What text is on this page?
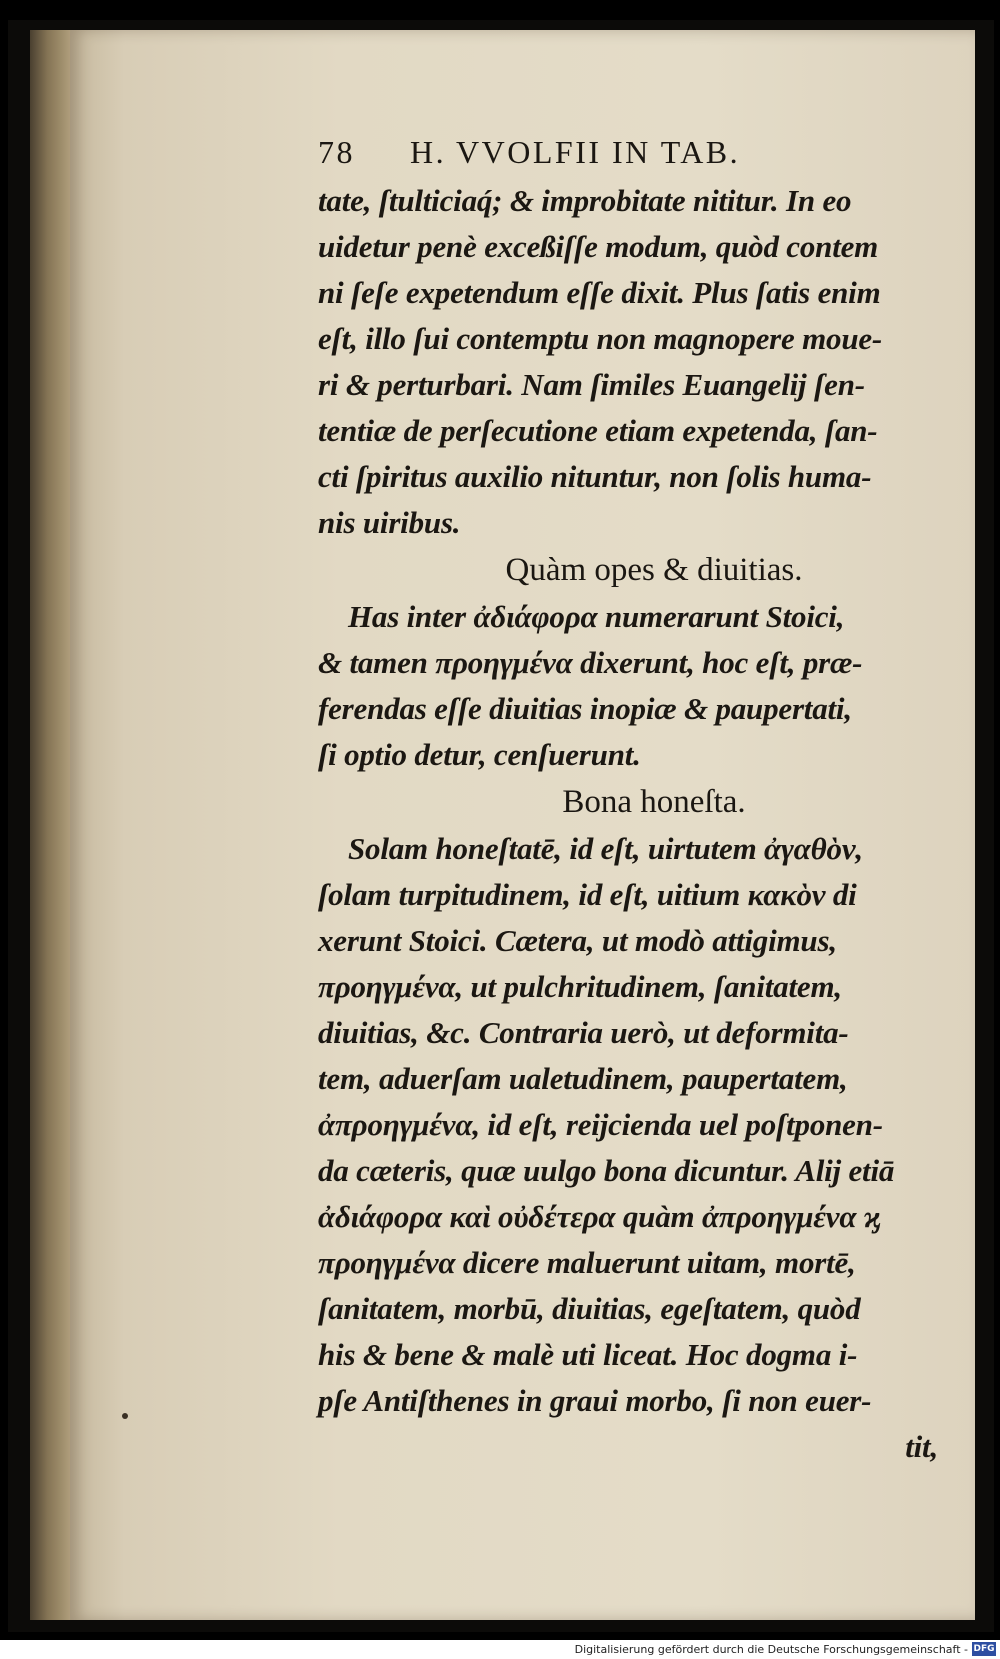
78 H. VVOLFII IN TAB.
tate, ſtulticiaq́; & improbitate nititur. In eo
uidetur penè exceßiſſe modum, quòd contem
ni ſeſe expetendum eſſe dixit. Plus ſatis enim
eſt, illo ſui contemptu non magnopere moue-
ri & perturbari. Nam ſimiles Euangelij ſen-
tentiæ de perſecutione etiam expetenda, ſan-
cti ſpiritus auxilio nituntur, non ſolis huma-
nis uiribus.
Quàm opes & diuitias.
Has inter ἀδιάφορα numerarunt Stoici,
& tamen προηγμένα dixerunt, hoc eſt, præ-
ferendas eſſe diuitias inopiæ & paupertati,
ſi optio detur, cenſuerunt.
Bona honeſta.
Solam honeſtatē, id eſt, uirtutem ἀγαθὸν,
ſolam turpitudinem, id eſt, uitium κακὸν di
xerunt Stoici. Cætera, ut modò attigimus,
προηγμένα, ut pulchritudinem, ſanitatem,
diuitias, &c. Contraria uerò, ut deformita-
tem, aduerſam ualetudinem, paupertatem,
ἀπροηγμένα, id eſt, reijcienda uel poſtponen-
da cæteris, quæ uulgo bona dicuntur. Alij etiā
ἀδιάφορα καὶ οὐδέτερα quàm ἀπροηγμένα ϗ
προηγμένα dicere maluerunt uitam, mortē,
ſanitatem, morbū, diuitias, egeſtatem, quòd
his & bene & malè uti liceat. Hoc dogma i-
pſe Antiſthenes in graui morbo, ſi non euer-
tit,
Digitalisierung gefördert durch die Deutsche Forschungsgemeinschaft - DFG
